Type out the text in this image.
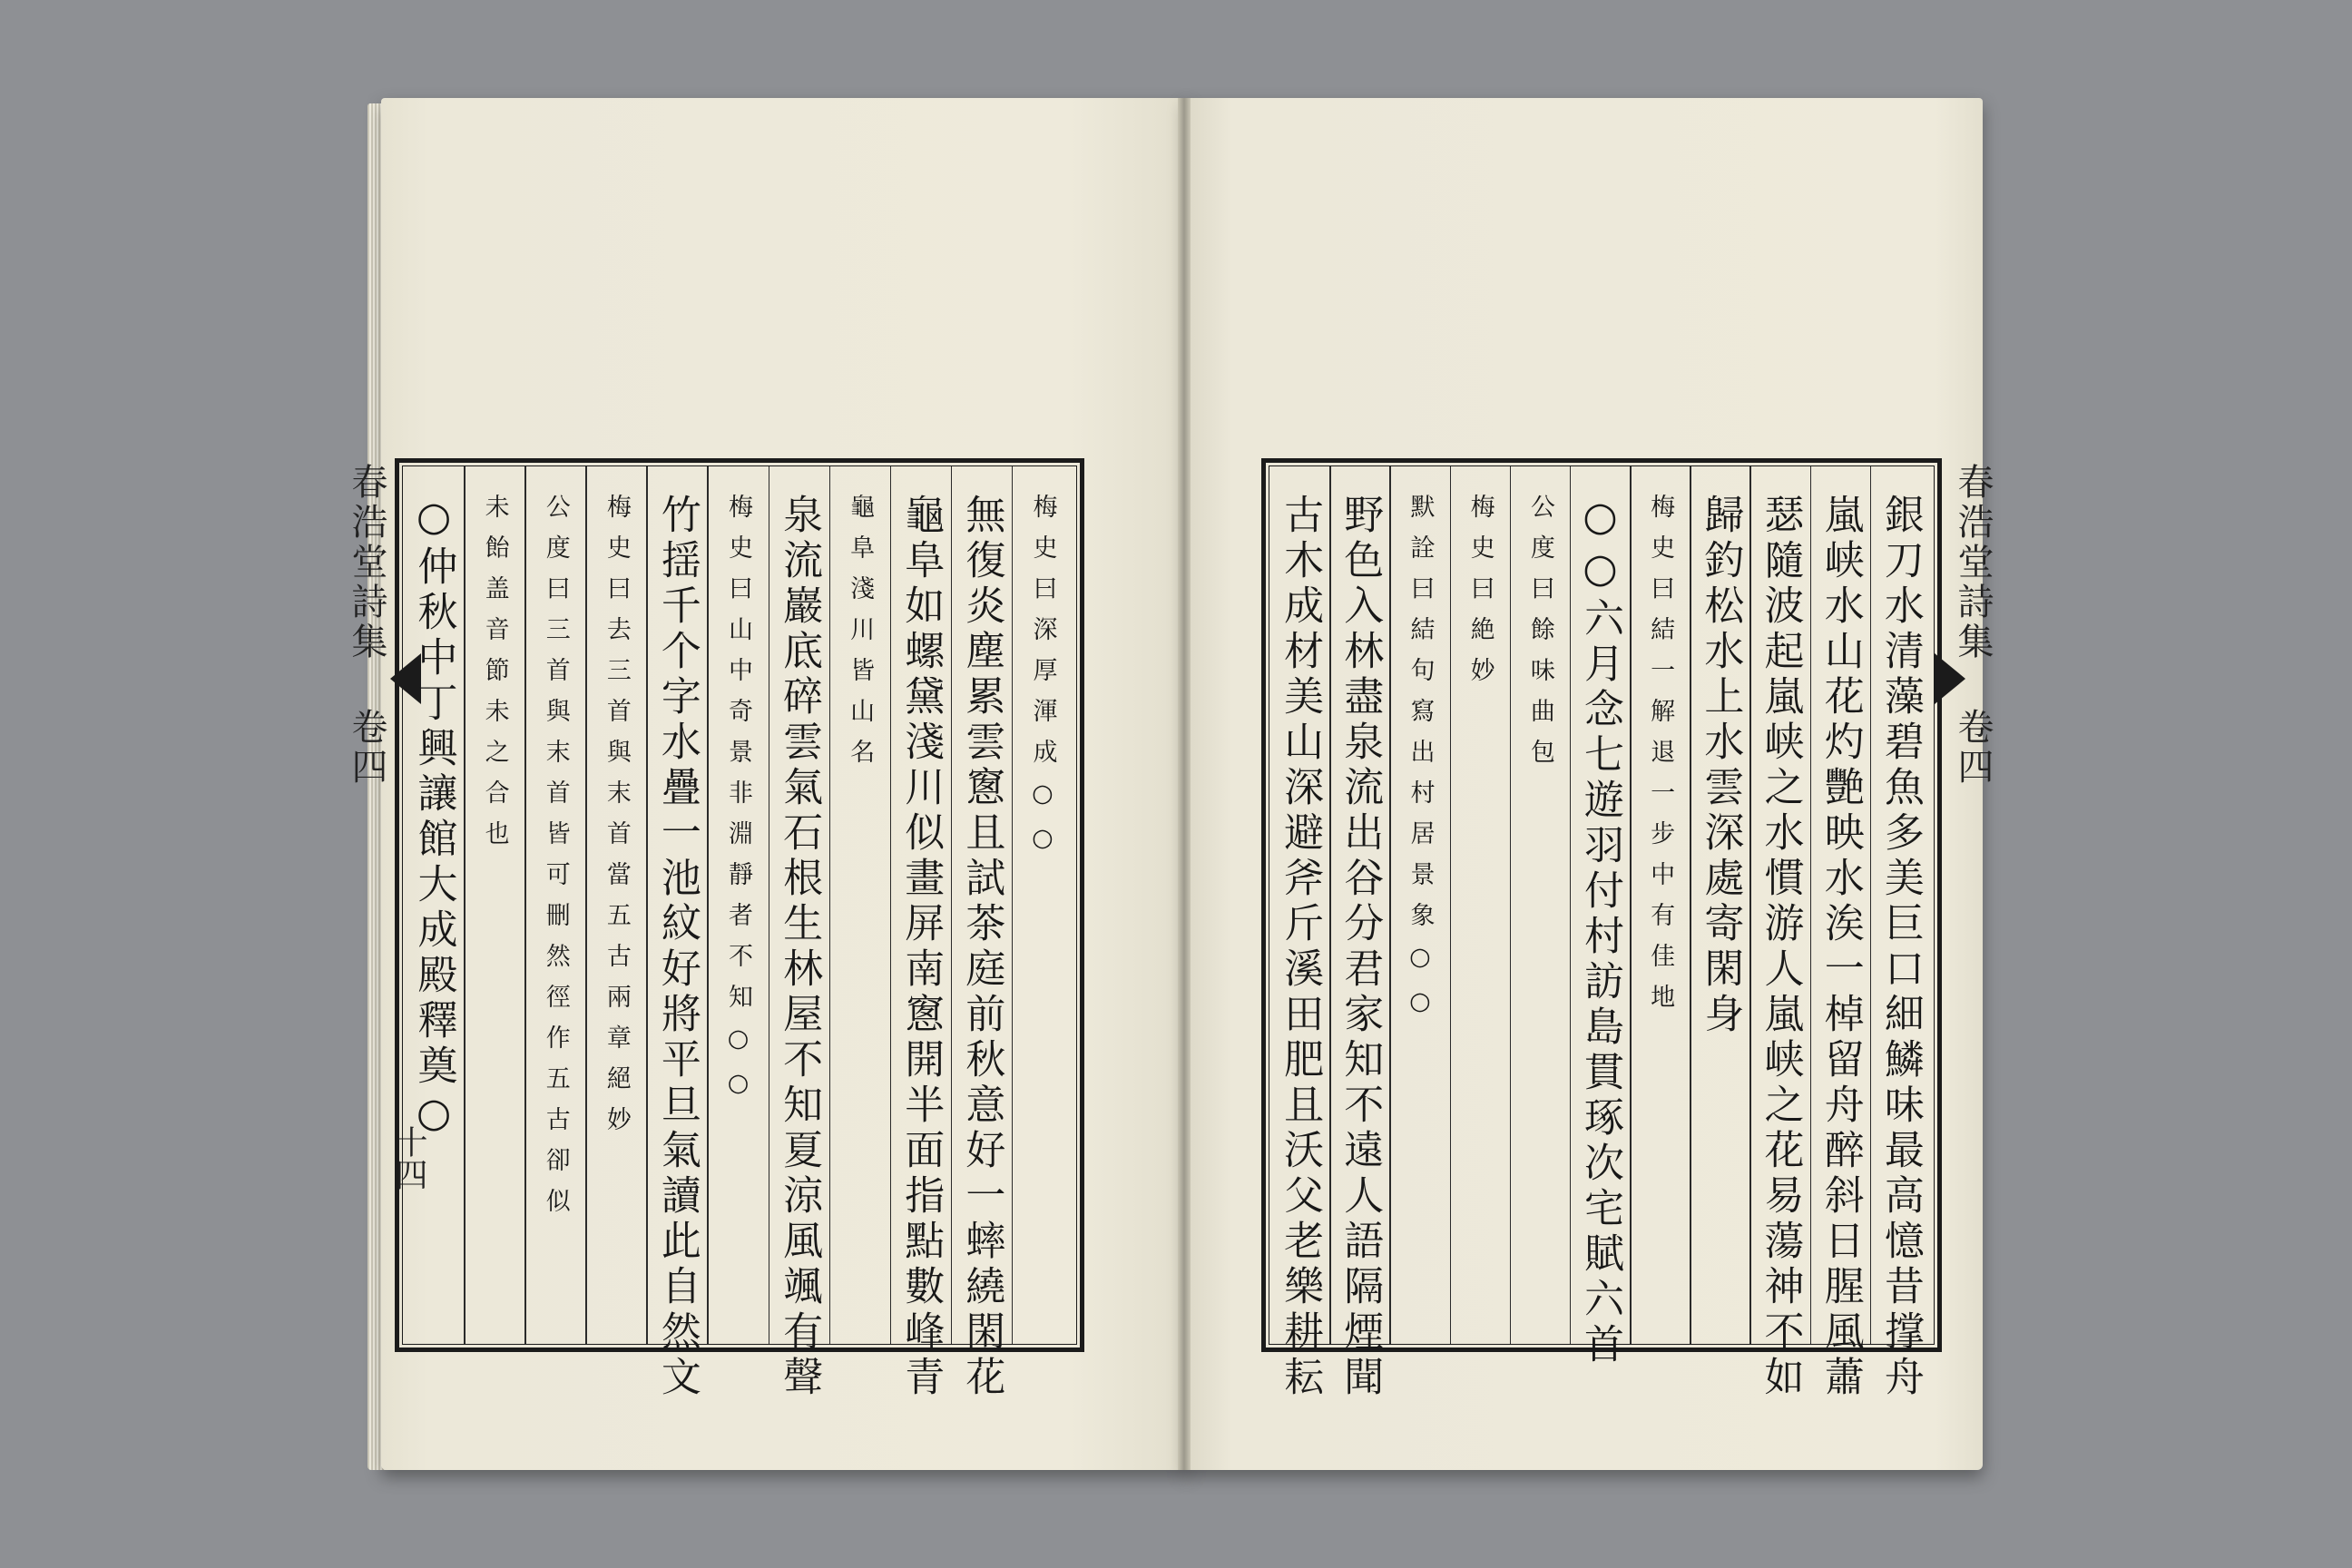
春浩堂詩集 卷四
十四
梅史曰深厚渾成○○
無復炎塵累雲窻且試茶庭前秋意好一蟀繞閑花
龜阜如螺黛淺川似畫屏南窻開半面指點數峰青
龜阜淺川皆山名
泉流巖底碎雲氣石根生林屋不知夏涼風颯有聲
梅史曰山中奇景非淵靜者不知○○
竹揺千个字水疊一池紋好將平旦氣讀此自然文
梅史曰去三首與末首當五古兩章絕妙
公度曰三首與末首皆可刪然徑作五古卻似
未飴盖音節未之合也
○仲秋中丁興讓館大成殿釋奠○	春浩堂詩集 卷四
銀刀水清藻碧魚多美巨口細鱗味最高憶昔撑舟
嵐峡水山花灼艷映水涘一棹留舟醉斜日腥風蕭
瑟隨波起嵐峡之水慣游人嵐峡之花易蕩神不如
歸釣松水上水雲深處寄閑身
梅史曰結一解退一步中有佳地
○○六月念七遊羽付村訪島貫琢次宅賦六首
公度曰餘味曲包
梅史曰絶妙
默詮曰結句寫出村居景象○○
野色入林盡泉流出谷分君家知不遠人語隔煙聞
古木成材美山深避斧斤溪田肥且沃父老樂耕耘
